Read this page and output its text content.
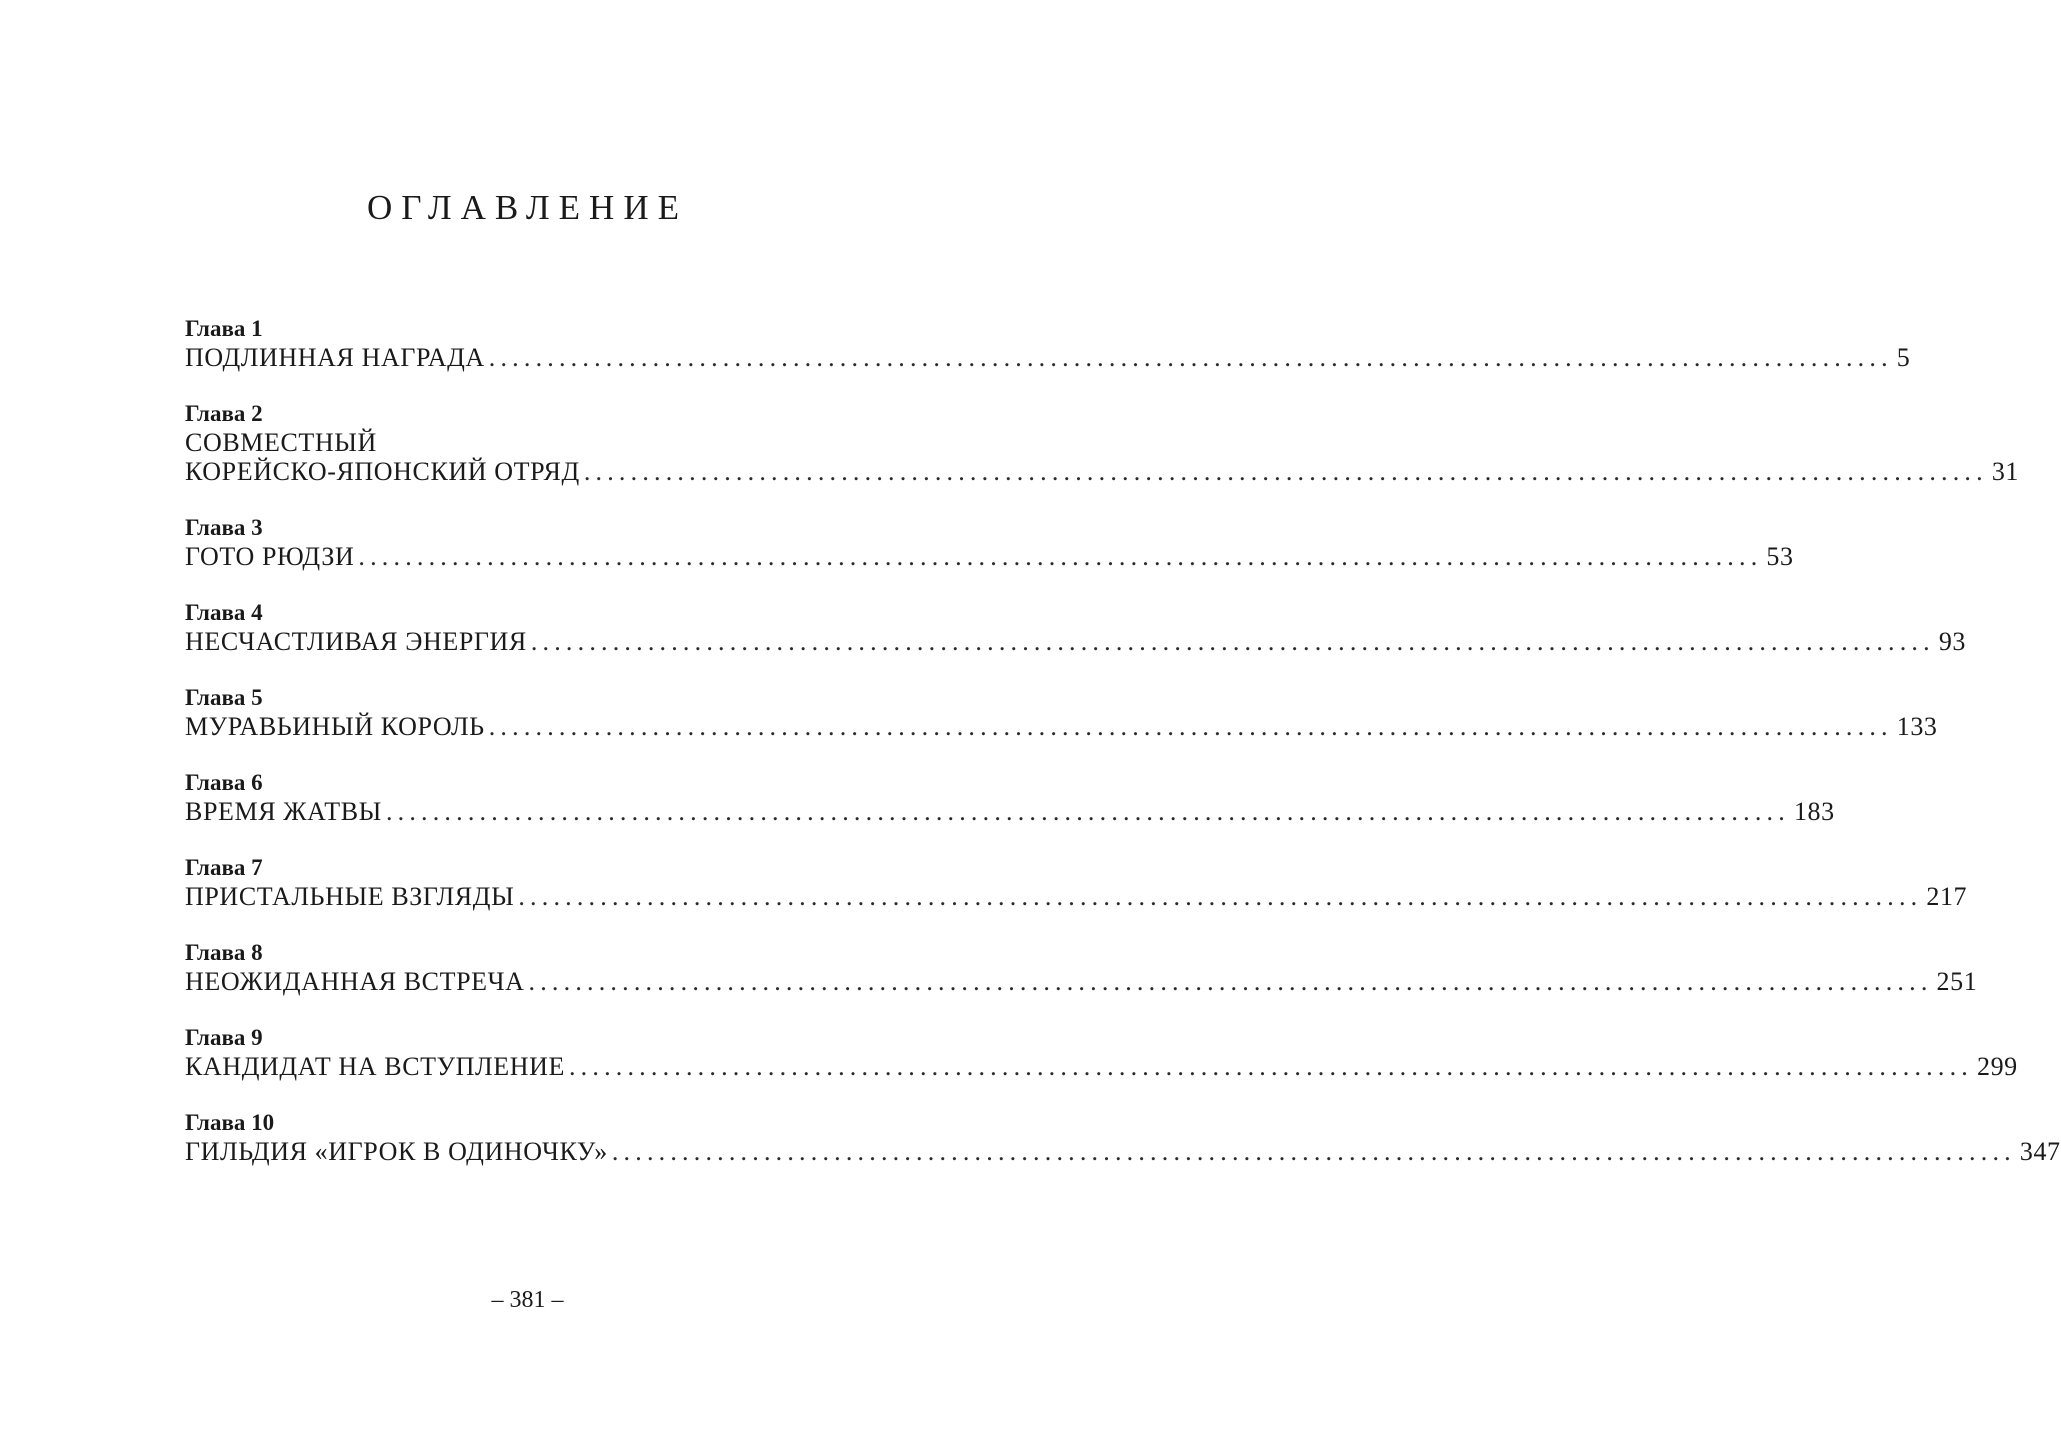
ОГЛАВЛЕНИЕ
Глава 1
ПОДЛИННАЯ НАГРАДА ........................................................................................................................ 5
Глава 2
СОВМЕСТНЫЙ
КОРЕЙСКО-ЯПОНСКИЙ ОТРЯД ........................................................................................................................ 31
Глава 3
ГОТО РЮДЗИ ........................................................................................................................ 53
Глава 4
НЕСЧАСТЛИВАЯ ЭНЕРГИЯ ........................................................................................................................ 93
Глава 5
МУРАВЬИНЫЙ КОРОЛЬ ........................................................................................................................ 133
Глава 6
ВРЕМЯ ЖАТВЫ ........................................................................................................................ 183
Глава 7
ПРИСТАЛЬНЫЕ ВЗГЛЯДЫ ........................................................................................................................ 217
Глава 8
НЕОЖИДАННАЯ ВСТРЕЧА ........................................................................................................................ 251
Глава 9
КАНДИДАТ НА ВСТУПЛЕНИЕ ........................................................................................................................ 299
Глава 10
ГИЛЬДИЯ «ИГРОК В ОДИНОЧКУ» ........................................................................................................................ 347
– 381 –
